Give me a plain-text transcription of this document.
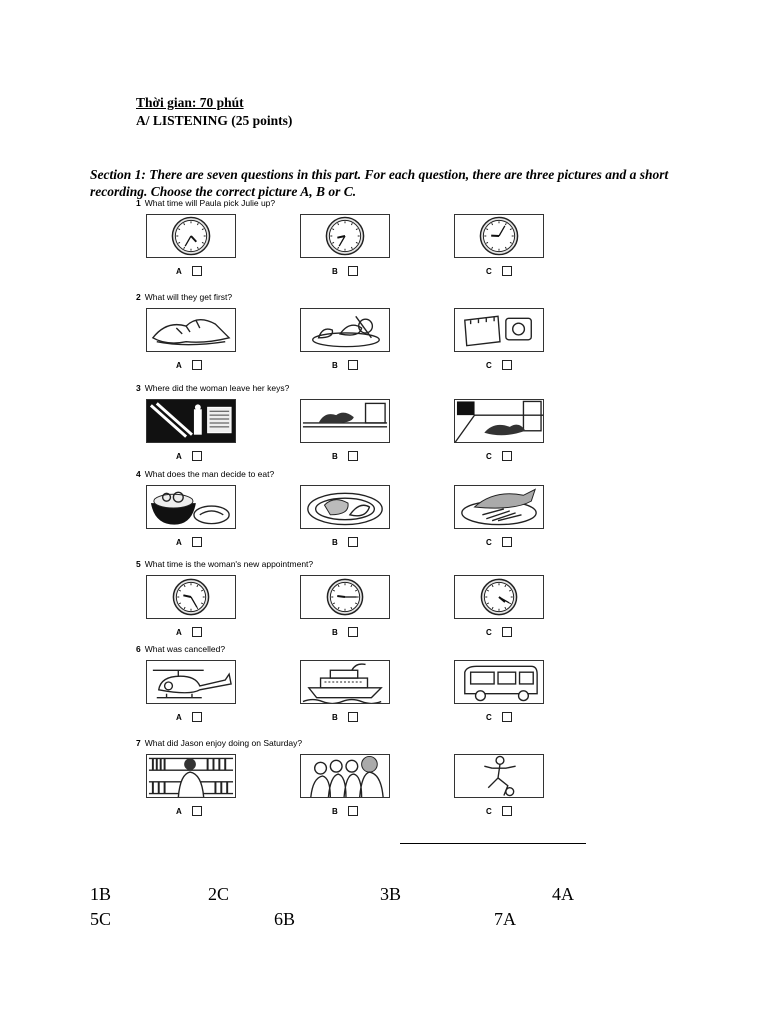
Thời gian: 70 phút
A/ LISTENING (25 points)
Section 1: There are seven questions in this part. For each question, there are three pictures and a short recording. Choose the correct picture A, B or C.
1 What time will Paula pick Julie up?
A	B	C
2 What will they get first?
A	B	C
3 Where did the woman leave her keys?
A	B	C
4 What does the man decide to eat?
A	B	C
5 What time is the woman's new appointment?
A	B	C
6 What was cancelled?
A	B	C
7 What did Jason enjoy doing on Saturday?
A	B	C
1B	2C	3B	4A
5C	6B	7A
